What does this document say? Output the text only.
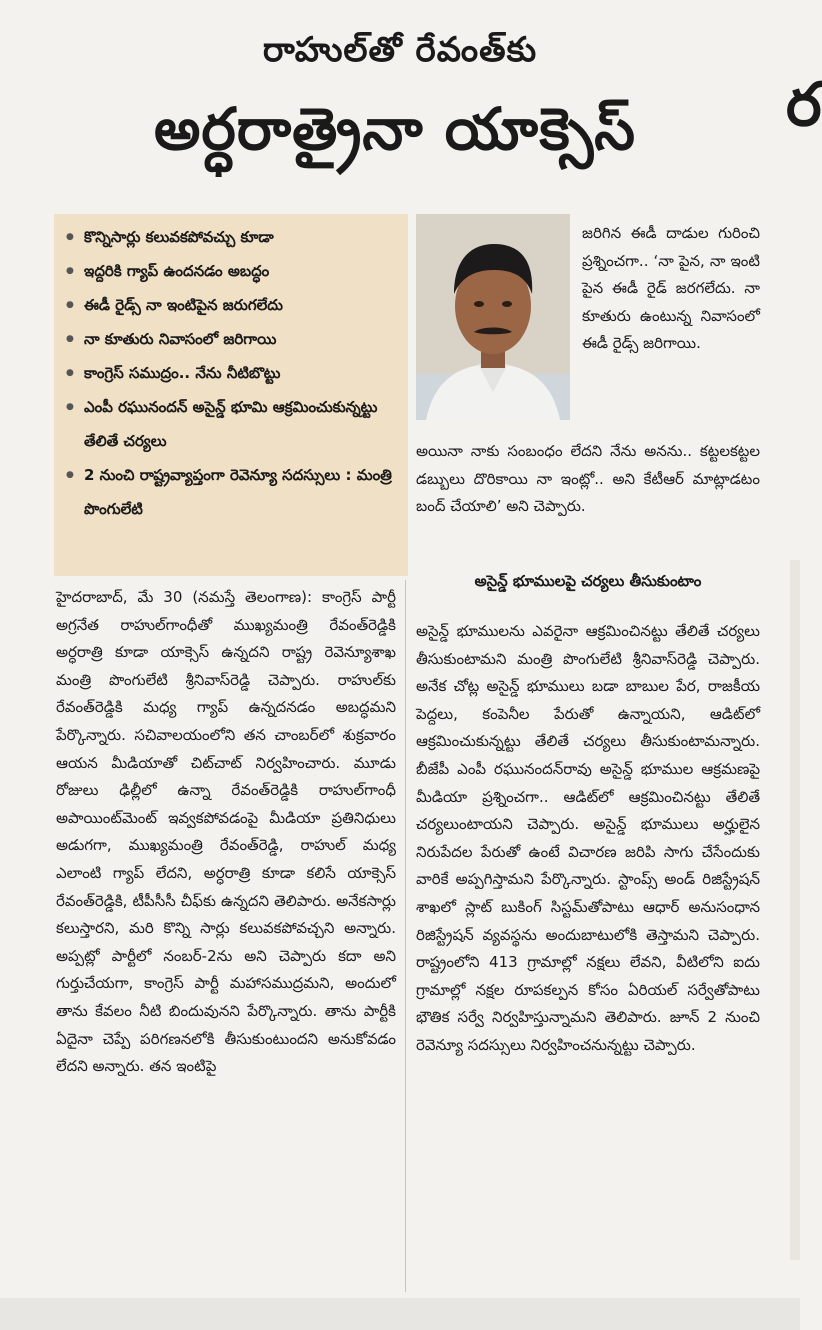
రాహుల్‌తో రేవంత్‌కు
అర్ధరాత్రైనా యాక్సెస్‌	ర
● కొన్నిసార్లు కలువకపోవచ్చు కూడా
● ఇద్దరికి గ్యాప్‌ ఉందనడం అబద్ధం
● ఈడీ రైడ్స్‌ నా ఇంటిపైన జరుగలేదు
● నా కూతురు నివాసంలో జరిగాయి
● కాంగ్రెస్‌ సముద్రం.. నేను నీటిబొట్టు
● ఎంపీ రఘునందన్‌ అసైన్డ్‌ భూమి ఆక్రమించుకున్నట్టు తేలితే చర్యలు
● 2 నుంచి రాష్ట్రవ్యాప్తంగా రెవెన్యూ సదస్సులు : మంత్రి పొంగులేటి
హైదరాబాద్‌, మే 30 (నమస్తే తెలంగాణ): కాంగ్రెస్‌ పార్టీ అగ్రనేత రాహుల్‌గాంధీతో ముఖ్యమంత్రి రేవంత్‌రెడ్డికి అర్ధరాత్రి కూడా యాక్సెస్‌ ఉన్నదని రాష్ట్ర రెవెన్యూశాఖ మంత్రి పొంగులేటి శ్రీనివాస్‌రెడ్డి చెప్పారు. రాహుల్‌కు రేవంత్‌రెడ్డికి మధ్య గ్యాప్‌ ఉన్నదనడం అబద్ధమని పేర్కొన్నారు. సచివాలయంలోని తన చాంబర్‌లో శుక్రవారం ఆయన మీడియాతో చిట్‌చాట్‌ నిర్వహించారు. మూడు రోజులు ఢిల్లీలో ఉన్నా రేవంత్‌రెడ్డికి రాహుల్‌గాంధీ అపాయింట్‌మెంట్‌ ఇవ్వకపోవడంపై మీడియా ప్రతినిధులు అడుగగా, ముఖ్యమంత్రి రేవంత్‌రెడ్డి, రాహుల్‌ మధ్య ఎలాంటి గ్యాప్‌ లేదని, అర్ధరాత్రి కూడా కలిసే యాక్సెస్‌ రేవంత్‌రెడ్డికి, టీపీసీసీ చీఫ్‌కు ఉన్నదని తెలిపారు. అనేకసార్లు కలుస్తారని, మరి కొన్ని సార్లు కలువకపోవచ్చని అన్నారు. అప్పట్లో పార్టీలో నంబర్‌-2ను అని చెప్పారు కదా అని గుర్తుచేయగా, కాంగ్రెస్‌ పార్టీ మహాసముద్రమని, అందులో తాను కేవలం నీటి బిందువునని పేర్కొన్నారు. తాను పార్టీకి ఏదైనా చెప్పే పరిగణనలోకి తీసుకుంటుందని అనుకోవడం లేదని అన్నారు. తన ఇంటిపై
జరిగిన ఈడీ దాడుల గురించి ప్రశ్నించగా.. ‘నా పైన, నా ఇంటి పైన ఈడీ రైడ్‌ జరగలేదు. నా కూతురు ఉంటున్న నివాసంలో ఈడీ రైడ్స్‌ జరిగాయి.
అయినా నాకు సంబంధం లేదని నేను అనను.. కట్టలకట్టల డబ్బులు దొరికాయి నా ఇంట్లో.. అని కేటీఆర్‌ మాట్లాడటం బంద్‌ చేయాలి’ అని చెప్పారు.
అసైన్డ్‌ భూములపై చర్యలు తీసుకుంటాం
అసైన్డ్‌ భూములను ఎవరైనా ఆక్రమించినట్టు తేలితే చర్యలు తీసుకుంటామని మంత్రి పొంగులేటి శ్రీనివాస్‌రెడ్డి చెప్పారు. అనేక చోట్ల అసైన్డ్‌ భూములు బడా బాబుల పేర, రాజకీయ పెద్దలు, కంపెనీల పేరుతో ఉన్నాయని, ఆడిట్‌లో ఆక్రమించుకున్నట్టు తేలితే చర్యలు తీసుకుంటామన్నారు. బీజేపీ ఎంపీ రఘునందన్‌రావు అసైన్డ్‌ భూముల ఆక్రమణపై మీడియా ప్రశ్నించగా.. ఆడిట్‌లో ఆక్రమించినట్టు తేలితే చర్యలుంటాయని చెప్పారు. అసైన్డ్‌ భూములు అర్హులైన నిరుపేదల పేరుతో ఉంటే విచారణ జరిపి సాగు చేసేందుకు వారికే అప్పగిస్తామని పేర్కొన్నారు. స్టాంప్స్‌ అండ్‌ రిజిస్ట్రేషన్‌ శాఖలో స్లాట్‌ బుకింగ్‌ సిస్టమ్‌తోపాటు ఆధార్‌ అనుసంధాన రిజిస్ట్రేషన్‌ వ్యవస్థను అందుబాటులోకి తెస్తామని చెప్పారు. రాష్ట్రంలోని 413 గ్రామాల్లో నక్షలు లేవని, వీటిలోని ఐదు గ్రామాల్లో నక్షల రూపకల్పన కోసం ఏరియల్‌ సర్వేతోపాటు భౌతిక సర్వే నిర్వహిస్తున్నామని తెలిపారు. జూన్‌ 2 నుంచి రెవెన్యూ సదస్సులు నిర్వహించనున్నట్టు చెప్పారు.
